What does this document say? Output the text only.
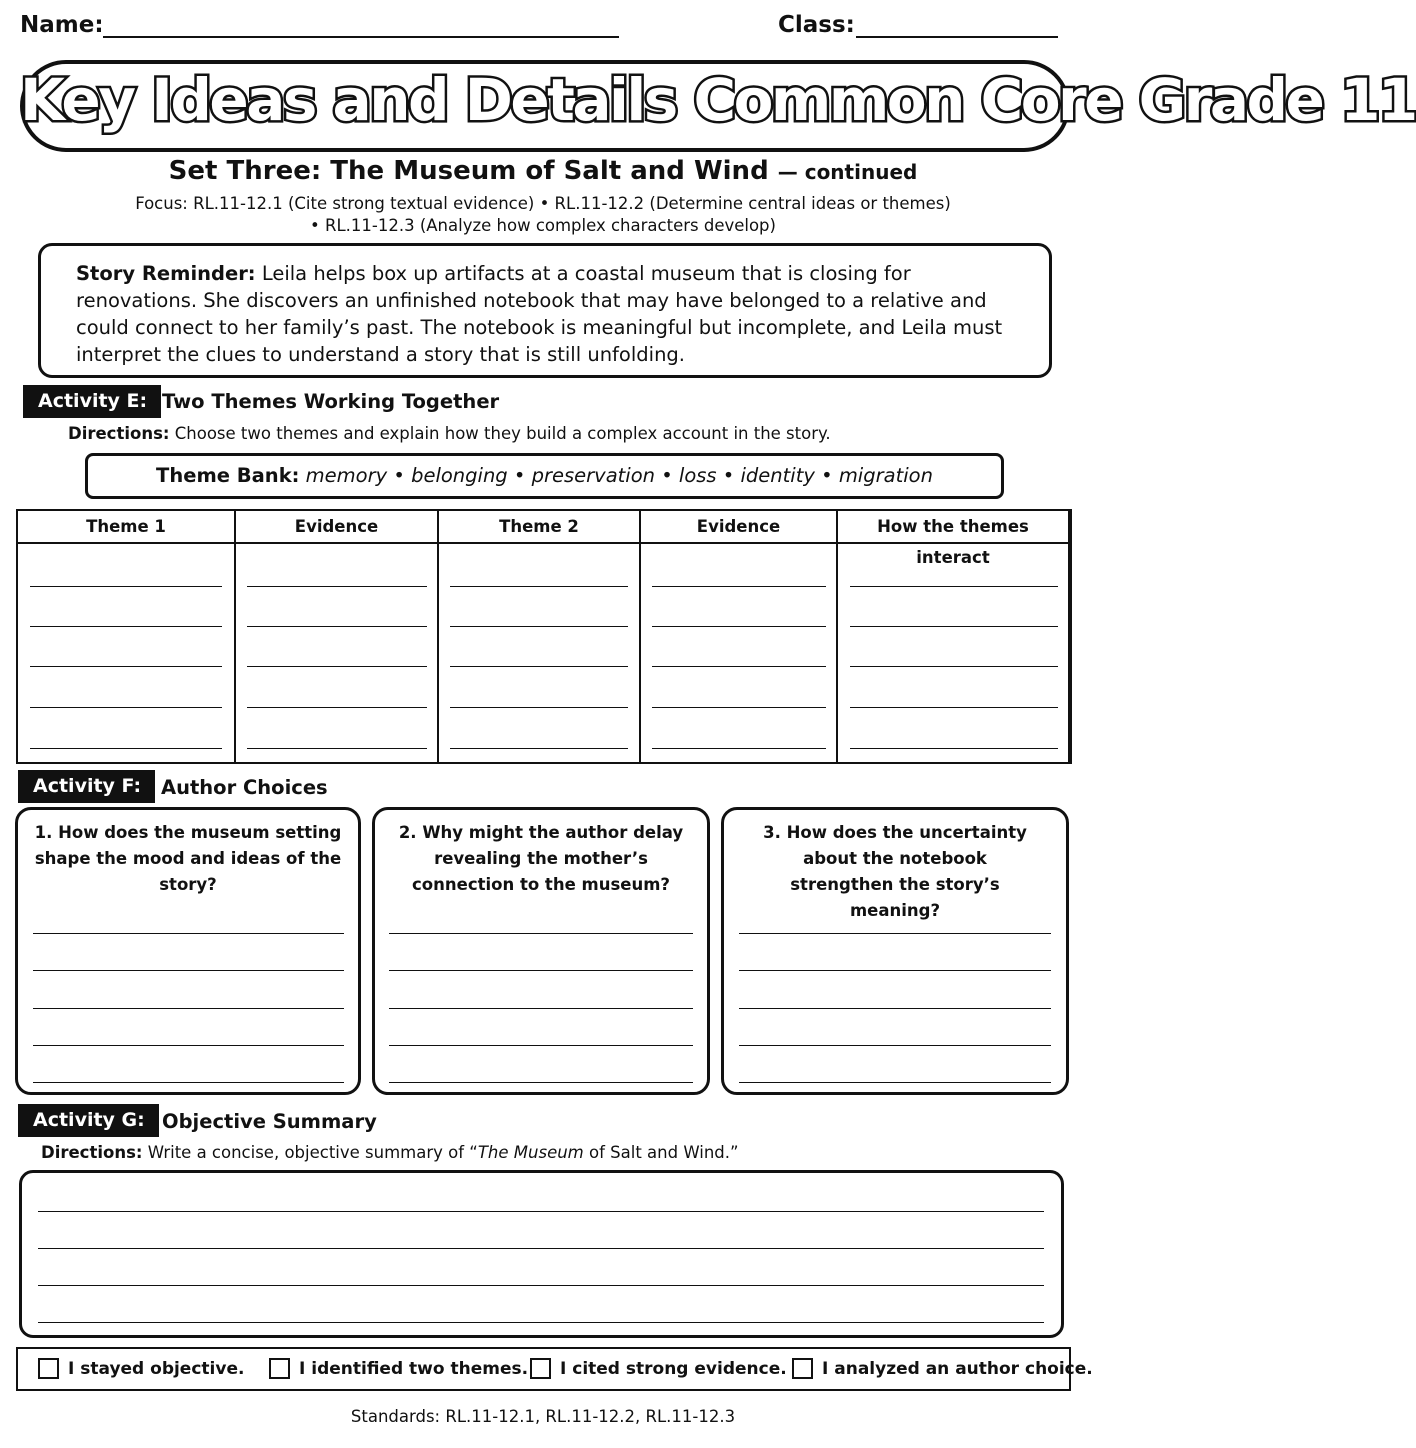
Name:	Class:
Key Ideas and Details Common Core Grade 11
Set Three: The Museum of Salt and Wind — continued
Focus: RL.11-12.1 (Cite strong textual evidence) • RL.11-12.2 (Determine central ideas or themes)
• RL.11-12.3 (Analyze how complex characters develop)
Story Reminder: Leila helps box up artifacts at a coastal museum that is closing for renovations. She discovers an unfinished notebook that may have belonged to a relative and could connect to her family’s past. The notebook is meaningful but incomplete, and Leila must interpret the clues to understand a story that is still unfolding.
Activity E: Two Themes Working Together
Directions: Choose two themes and explain how they build a complex account in the story.
Theme Bank: memory • belonging • preservation • loss • identity • migration
Theme 1	Evidence	Theme 2	Evidence	How the themes interact
Activity F:	Author Choices
1. How does the museum setting shape the mood and ideas of the story?
2. Why might the author delay revealing the mother’s connection to the museum?
3. How does the uncertainty about the notebook strengthen the story’s meaning?
Activity G: Objective Summary
Directions: Write a concise, objective summary of “The Museum of Salt and Wind.”
I stayed objective.	I identified two themes. I cited strong evidence. I analyzed an author choice.
Standards: RL.11-12.1, RL.11-12.2, RL.11-12.3
